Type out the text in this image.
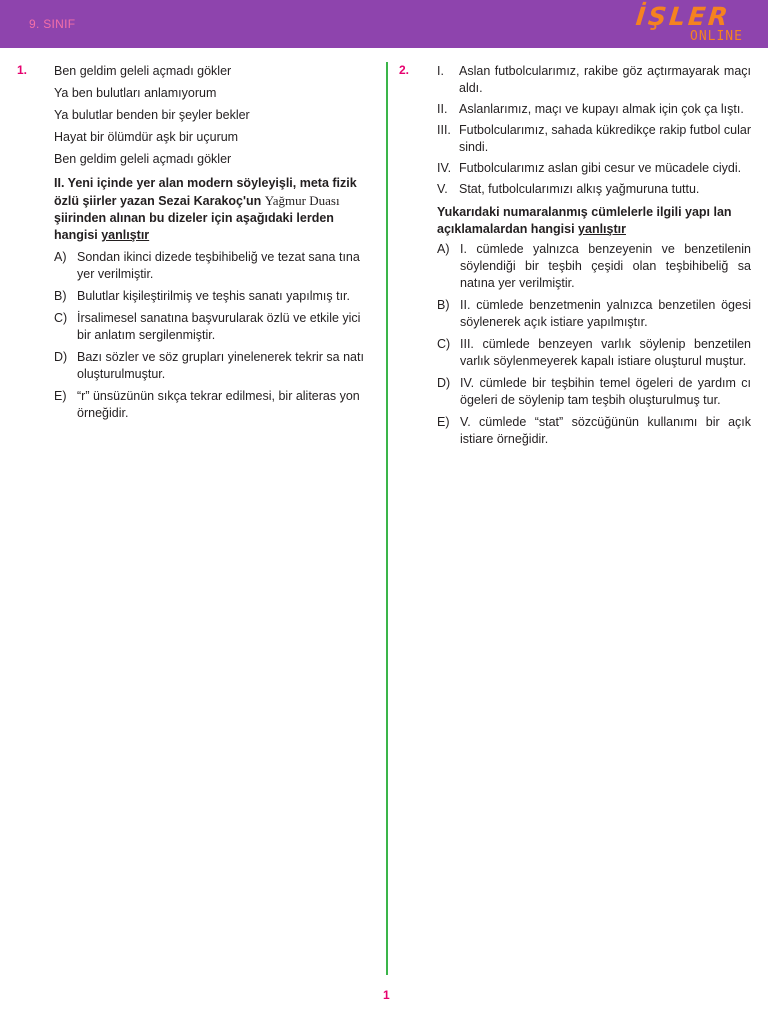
9. SINIF	İŞLER
ONLINE
1. Ben geldim geleli açmadı gökler
Ya ben bulutları anlamıyorum
Ya bulutlar benden bir şeyler bekler
Hayat bir ölümdür aşk bir uçurum
Ben geldim geleli açmadı gökler
II. Yeni içinde yer alan modern söyleyişli, meta fizik özlü şiirler yazan Sezai Karakoç'un Yağmur Duası şiirinden alınan bu dizeler için aşağıdaki lerden hangisi yanlıştır
A) Sondan ikinci dizede teşbihibeliğ ve tezat sana tına yer verilmiştir.
B) Bulutlar kişileştirilmiş ve teşhis sanatı yapılmış tır.
C) İrsalimesel sanatına başvurularak özlü ve etkile yici bir anlatım sergilenmiştir.
D) Bazı sözler ve söz grupları yinelenerek tekrir sa natı oluşturulmuştur.
E) “r” ünsüzünün sıkça tekrar edilmesi, bir aliteras yon örneğidir.
2. I. Aslan futbolcularımız, rakibe göz açtırmayarak maçı aldı.
II. Aslanlarımız, maçı ve kupayı almak için çok ça lıştı.
III. Futbolcularımız, sahada kükredikçe rakip futbol cular sindi.
IV. Futbolcularımız aslan gibi cesur ve mücadele ciydi.
V. Stat, futbolcularımızı alkış yağmuruna tuttu.
Yukarıdaki numaralanmış cümlelerle ilgili yapı lan açıklamalardan hangisi yanlıştır
A) I. cümlede yalnızca benzeyenin ve benzetilenin söylendiği bir teşbih çeşidi olan teşbihibeliğ sa natına yer verilmiştir.
B) II. cümlede benzetmenin yalnızca benzetilen ögesi söylenerek açık istiare yapılmıştır.
C) III. cümlede benzeyen varlık söylenip benzetilen varlık söylenmeyerek kapalı istiare oluşturul muştur.
D) IV. cümlede bir teşbihin temel ögeleri de yardım cı ögeleri de söylenip tam teşbih oluşturulmuş tur.
E) V. cümlede “stat” sözcüğünün kullanımı bir açık istiare örneğidir.
1
